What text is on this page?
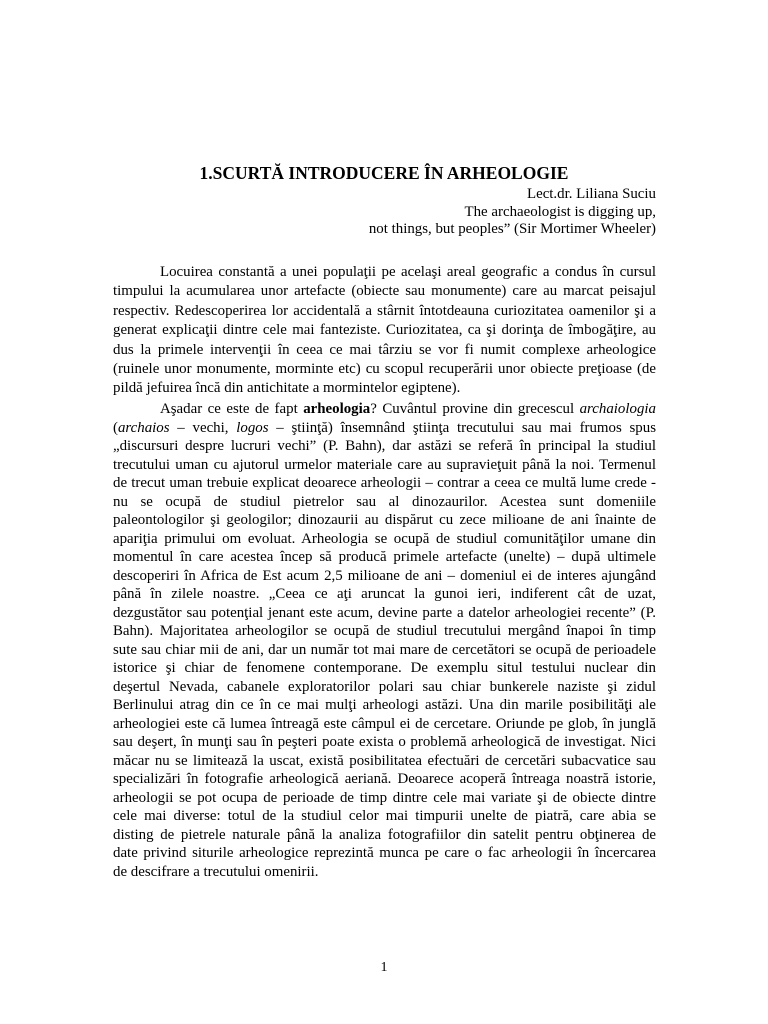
1.SCURTĂ INTRODUCERE ÎN ARHEOLOGIE
Lect.dr. Liliana Suciu
The archaeologist is digging up,
not things, but peoples” (Sir Mortimer Wheeler)
Locuirea constantă a unei populaţii pe acelaşi areal geografic a condus în cursul
timpului la acumularea unor artefacte (obiecte sau monumente) care au marcat peisajul
respectiv. Redescoperirea lor accidentală a stârnit întotdeauna curiozitatea oamenilor şi a
generat explicaţii dintre cele mai fanteziste. Curiozitatea, ca şi dorinţa de îmbogăţire, au
dus la primele intervenţii în ceea ce mai târziu se vor fi numit complexe arheologice
(ruinele unor monumente, morminte etc) cu scopul recuperării unor obiecte preţioase (de
pildă jefuirea încă din antichitate a mormintelor egiptene).
Aşadar ce este de fapt arheologia? Cuvântul provine din grecescul archaiologia
(archaios – vechi, logos – ştiinţă) însemnând ştiinţa trecutului sau mai frumos spus
„discursuri despre lucruri vechi” (P. Bahn), dar astăzi se referă în principal la studiul
trecutului uman cu ajutorul urmelor materiale care au supravieţuit până la noi. Termenul
de trecut uman trebuie explicat deoarece arheologii – contrar a ceea ce multă lume crede -
nu se ocupă de studiul pietrelor sau al dinozaurilor. Acestea sunt domeniile
paleontologilor şi geologilor; dinozaurii au dispărut cu zece milioane de ani înainte de
apariţia primului om evoluat. Arheologia se ocupă de studiul comunităţilor umane din
momentul în care acestea încep să producă primele artefacte (unelte) – după ultimele
descoperiri în Africa de Est acum 2,5 milioane de ani – domeniul ei de interes ajungând
până în zilele noastre. „Ceea ce aţi aruncat la gunoi ieri, indiferent cât de uzat,
dezgustător sau potenţial jenant este acum, devine parte a datelor arheologiei recente” (P.
Bahn). Majoritatea arheologilor se ocupă de studiul trecutului mergând înapoi în timp
sute sau chiar mii de ani, dar un număr tot mai mare de cercetători se ocupă de perioadele
istorice şi chiar de fenomene contemporane. De exemplu situl testului nuclear din
deşertul Nevada, cabanele exploratorilor polari sau chiar bunkerele naziste şi zidul
Berlinului atrag din ce în ce mai mulţi arheologi astăzi. Una din marile posibilităţi ale
arheologiei este că lumea întreagă este câmpul ei de cercetare. Oriunde pe glob, în junglă
sau deşert, în munţi sau în peşteri poate exista o problemă arheologică de investigat. Nici
măcar nu se limitează la uscat, există posibilitatea efectuări de cercetări subacvatice sau
specializări în fotografie arheologică aeriană. Deoarece acoperă întreaga noastră istorie,
arheologii se pot ocupa de perioade de timp dintre cele mai variate şi de obiecte dintre
cele mai diverse: totul de la studiul celor mai timpurii unelte de piatră, care abia se
disting de pietrele naturale până la analiza fotografiilor din satelit pentru obţinerea de
date privind siturile arheologice reprezintă munca pe care o fac arheologii în încercarea
de descifrare a trecutului omenirii.
1
